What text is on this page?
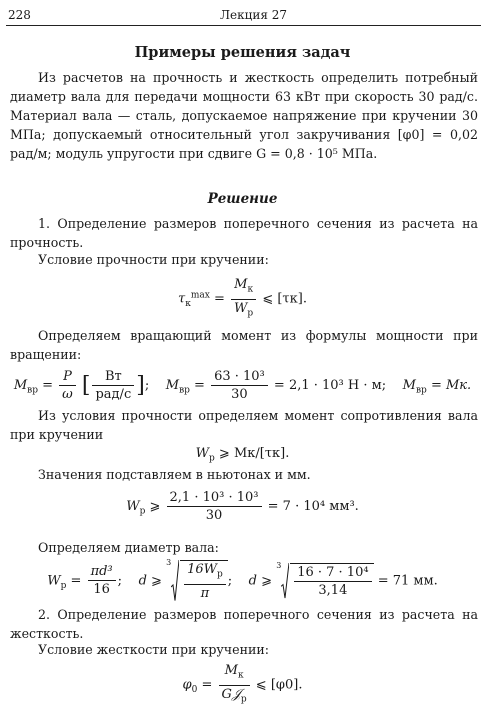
228	Лекция 27
Примеры решения задач

Из расчетов на прочность и жесткость определить потребный диаметр вала для передачи мощности 63 кВт при скорость 30 рад/с. Материал вала — сталь, допускаемое напряжение при кручении 30 МПа; допускаемый относительный угол закручивания [φ0] = 0,02 рад/м; модуль упругости при сдвиге G = 0,8 · 10⁵ МПа.

Решение

1. Определение размеров поперечного сечения из расчета на прочность.

Условие прочности при кручении:

$\tau_к^{max} = \frac{M_к}{W_p}$ ⩽ [τк].

Определяем вращающий момент из формулы мощности при вращении:

$M_{вр} = \frac{P}{\omega}$ [ $\frac{Вт}{\text{рад/с}}$ ]; $M_{вр} = \frac{\text{63 · 10³}}{30} = 2,1 \cdot 10^3$ Н · м; $M_{вр}$ = Mк.

Из условия прочности определяем момент сопротивления вала при кручении

$W_p$ ⩾ Mк/[τк].

Значения подставляем в ньютонах и мм.

$W_p$ ⩾ $\frac{\text{2,1 · 10³ · 10³}}{30} = 7 \cdot 10^4$ мм³.

Определяем диаметр вала:

$W_p = \frac{\text{πd³}}{16}$ ; d ⩾
$3 \frac{16W_p}{\pi}$ ; d ⩾
$3 \frac{\text{16 · 7 · 10⁴}}{3,14} = 71$ мм.

2. Определение размеров поперечного сечения из расчета на жесткость.

Условие жесткости при кручении:

$\varphi_0 = \frac{M_к}{G𝒥_p}$ ⩽ [φ0].
